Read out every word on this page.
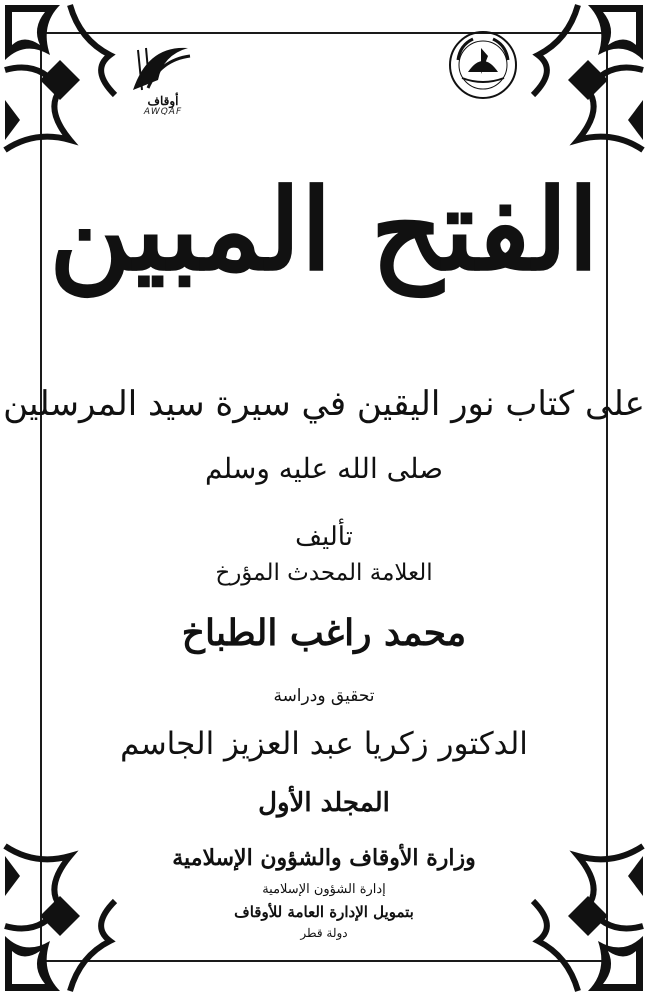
أوقاف
AWQAF
الفتح المبين
على كتاب نور اليقين في سيرة سيد المرسلين
صلى الله عليه وسلم
تأليف
العلامة المحدث المؤرخ
محمد راغب الطباخ
تحقيق ودراسة
الدكتور زكريا عبد العزيز الجاسم
المجلد الأول
وزارة الأوقاف والشؤون الإسلامية
إدارة الشؤون الإسلامية
بتمويل الإدارة العامة للأوقاف
دولة قطر
